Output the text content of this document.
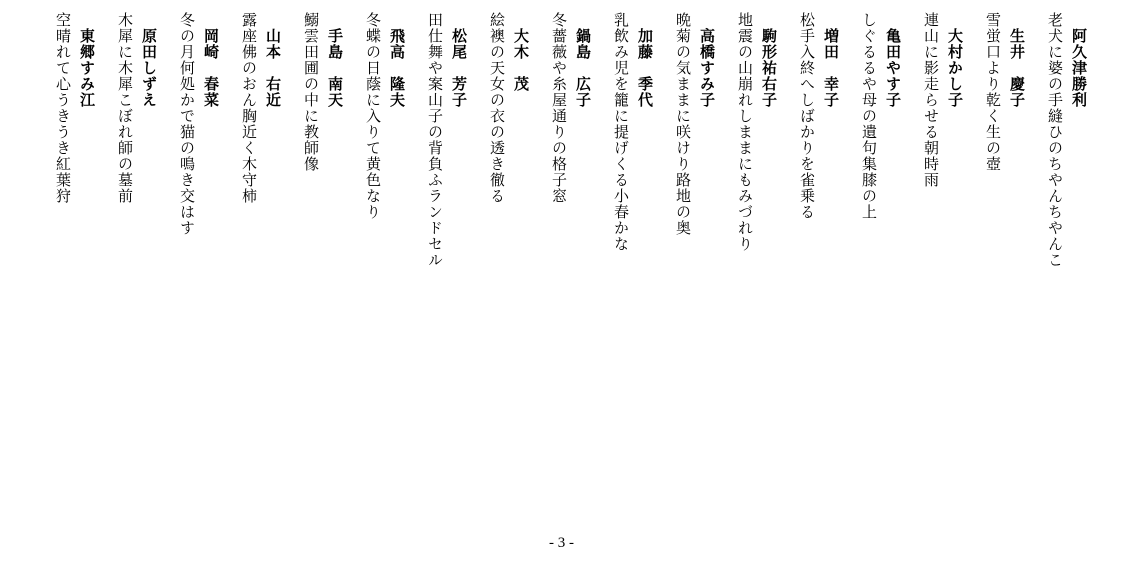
阿久津勝利
老犬に婆の手縫ひのちやんちやんこ
生井　慶子
雪蛍口より乾く生の壺
大村かし子
連山に影走らせる朝時雨
亀田やす子
しぐるるや母の遺句集膝の上
増田　幸子
松手入終へしばかりを雀乗る
駒形祐右子
地震の山崩れしままにもみづれり
高橋すみ子
晩菊の気ままに咲けり路地の奥
加藤　季代
乳飲み児を籠に提げくる小春かな
鍋島　広子
冬薔薇や糸屋通りの格子窓
大木　茂
絵襖の天女の衣の透き徹る
松尾　芳子
田仕舞や案山子の背負ふランドセル
飛高　隆夫
冬蝶の日蔭に入りて黄色なり
手島　南天
鰯雲田圃の中に教師像
山本　右近
露座佛のおん胸近く木守柿
岡崎　春菜
冬の月何処かで猫の鳴き交はす
原田しずえ
木犀に木犀こぼれ師の墓前
東郷すみ江
空晴れて心うきうき紅葉狩
- 3 -
